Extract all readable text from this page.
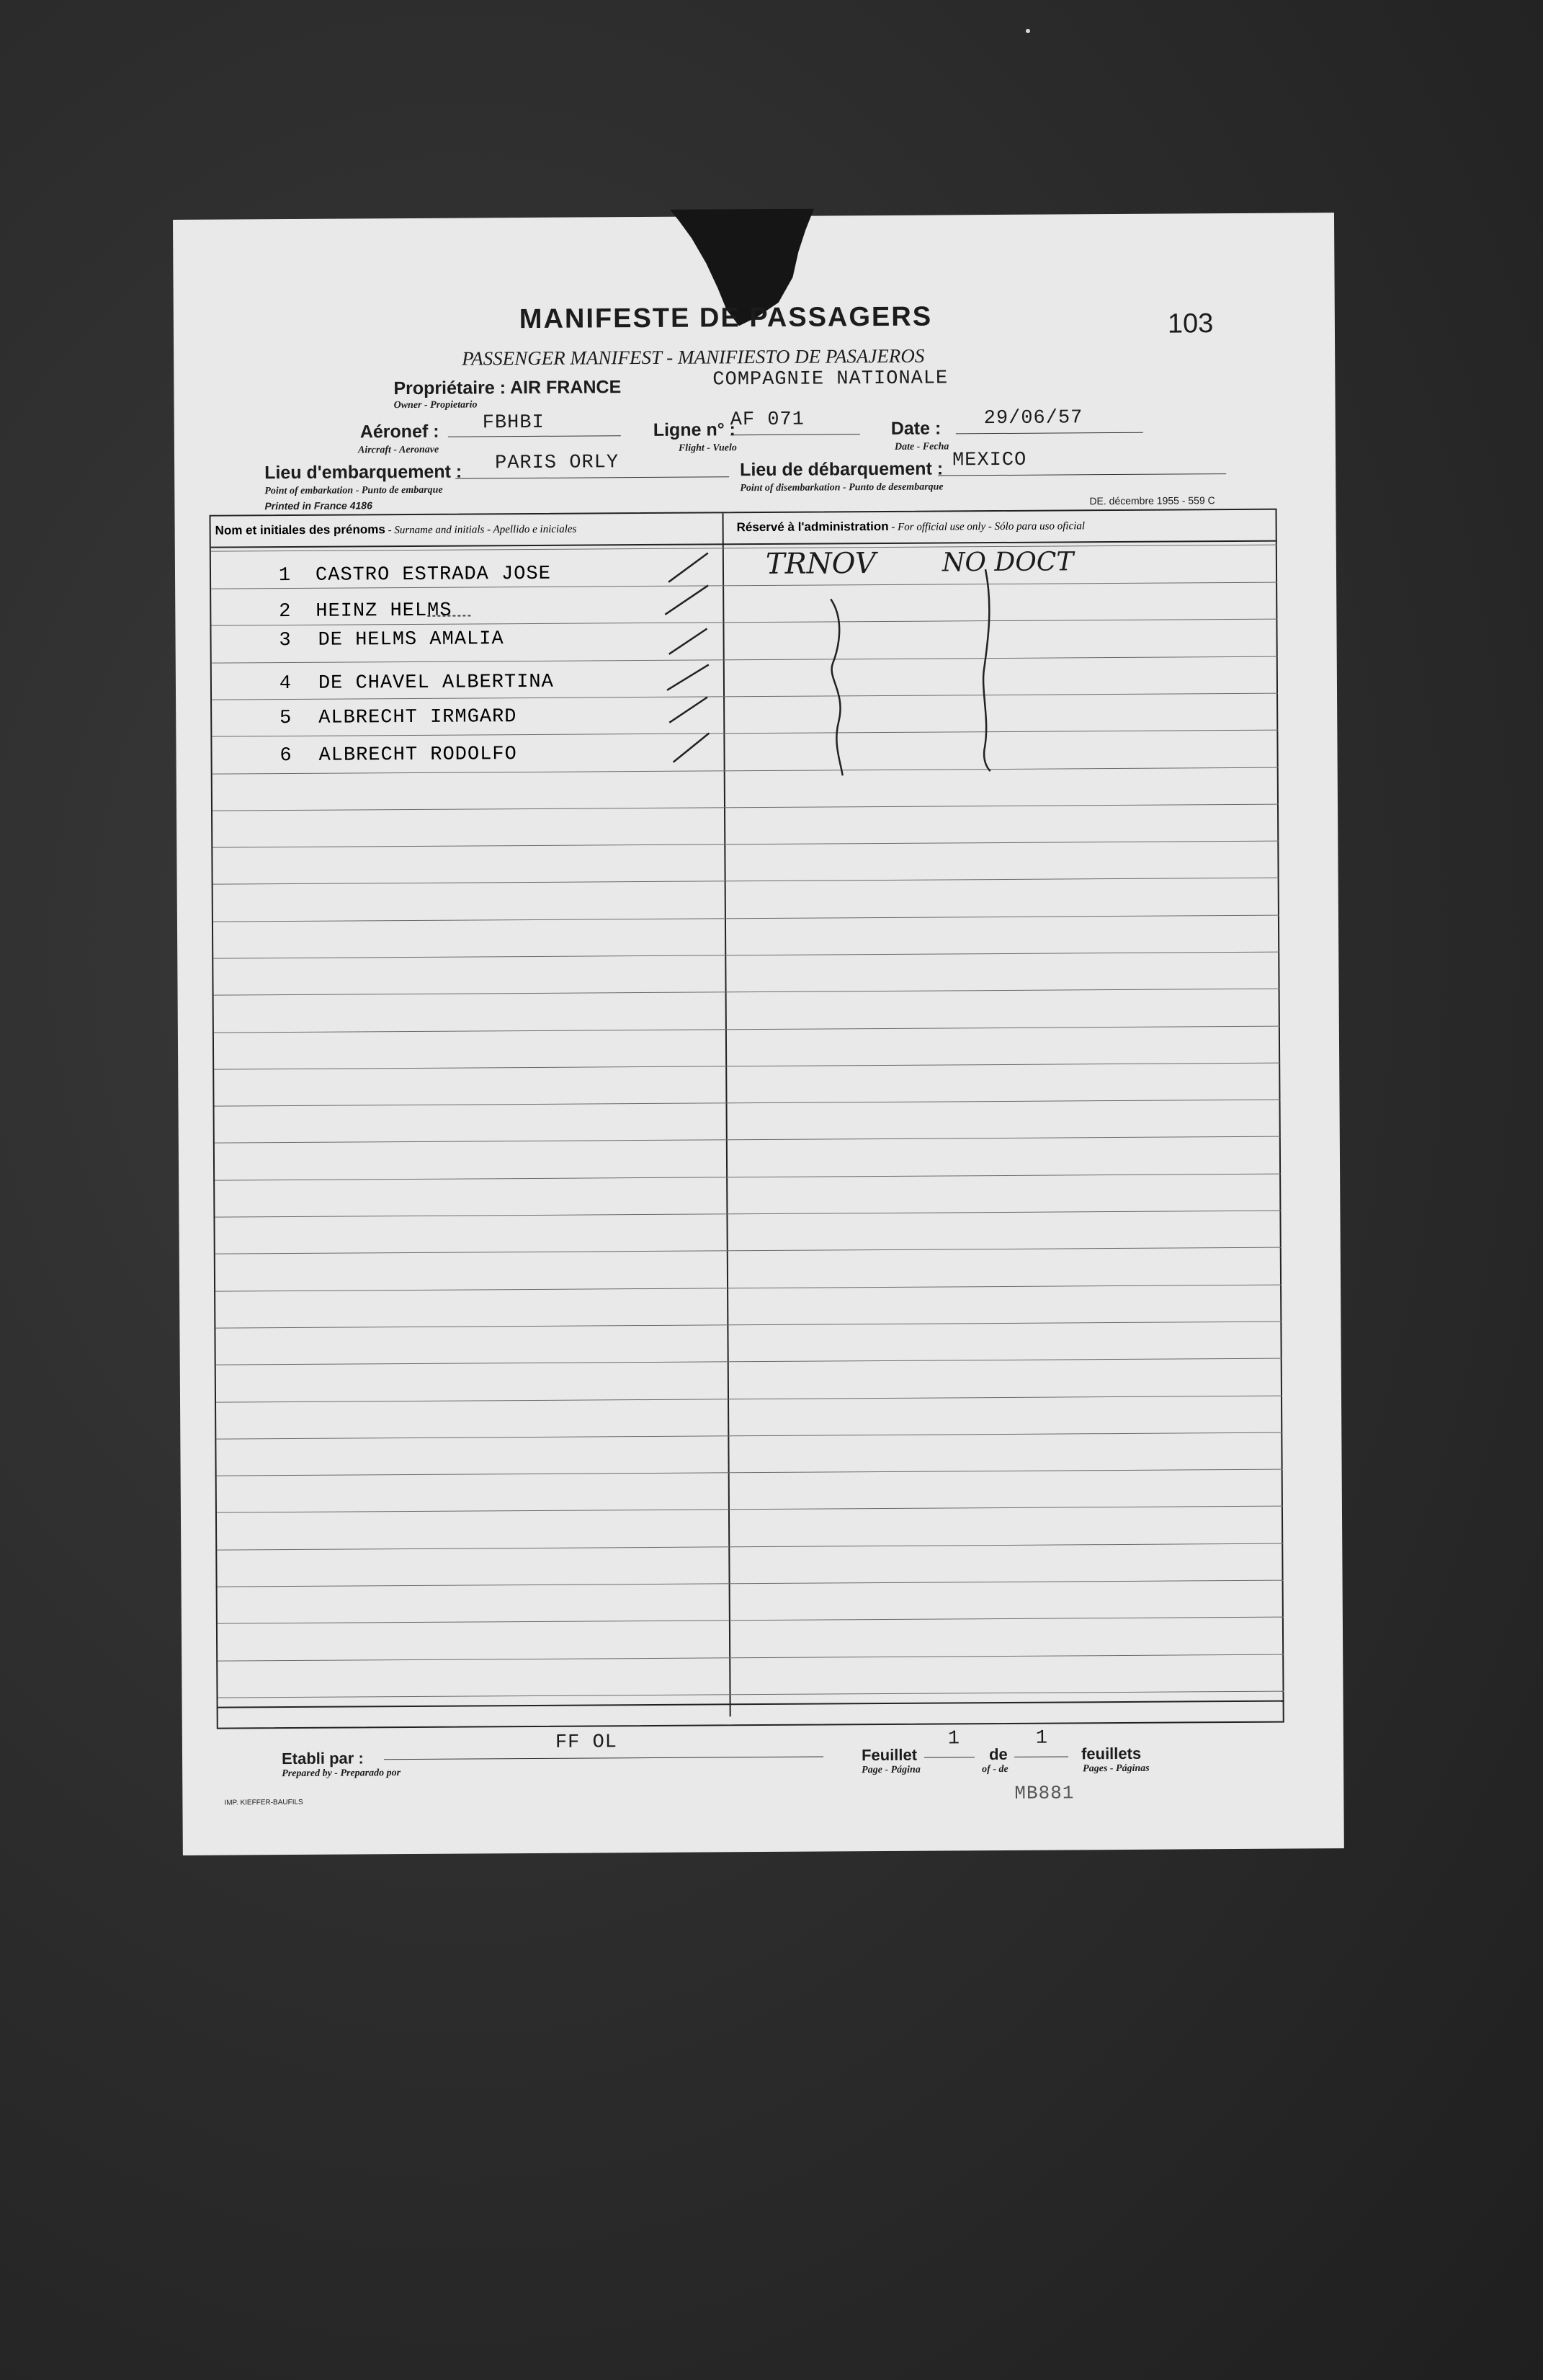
MANIFESTE DE PASSAGERS
PASSENGER MANIFEST - MANIFIESTO DE PASAJEROS
103
Propriétaire : AIR FRANCE
Owner - Propietario
COMPAGNIE NATIONALE
Aéronef :
Aircraft - Aeronave
FBHBI	Ligne n° :
Flight - Vuelo
AF 071	Date :
Date - Fecha
29/06/57
Lieu d'embarquement :
Point of embarkation - Punto de embarque
PARIS ORLY	Lieu de débarquement :
Point of disembarkation - Punto de desembarque
MEXICO
Printed in France 4186	DE. décembre 1955 - 559 C
Nom et initiales des prénoms - Surname and initials - Apellido e iniciales	Réservé à l'administration - For official use only - Sólo para uso oficial
1	CASTRO ESTRADA JOSE
2	HEINZ HELMS
3	DE HELMS AMALIA
4	DE CHAVEL ALBERTINA
5	ALBRECHT IRMGARD
6	ALBRECHT RODOLFO
TRNOV	NO DOCT
Etabli par :
Prepared by - Preparado por
FF OL
Feuillet
1
de
1
feuillets
Page - Página	of - de	Pages - Páginas
IMP. KIEFFER-BAUFILS	MB881
